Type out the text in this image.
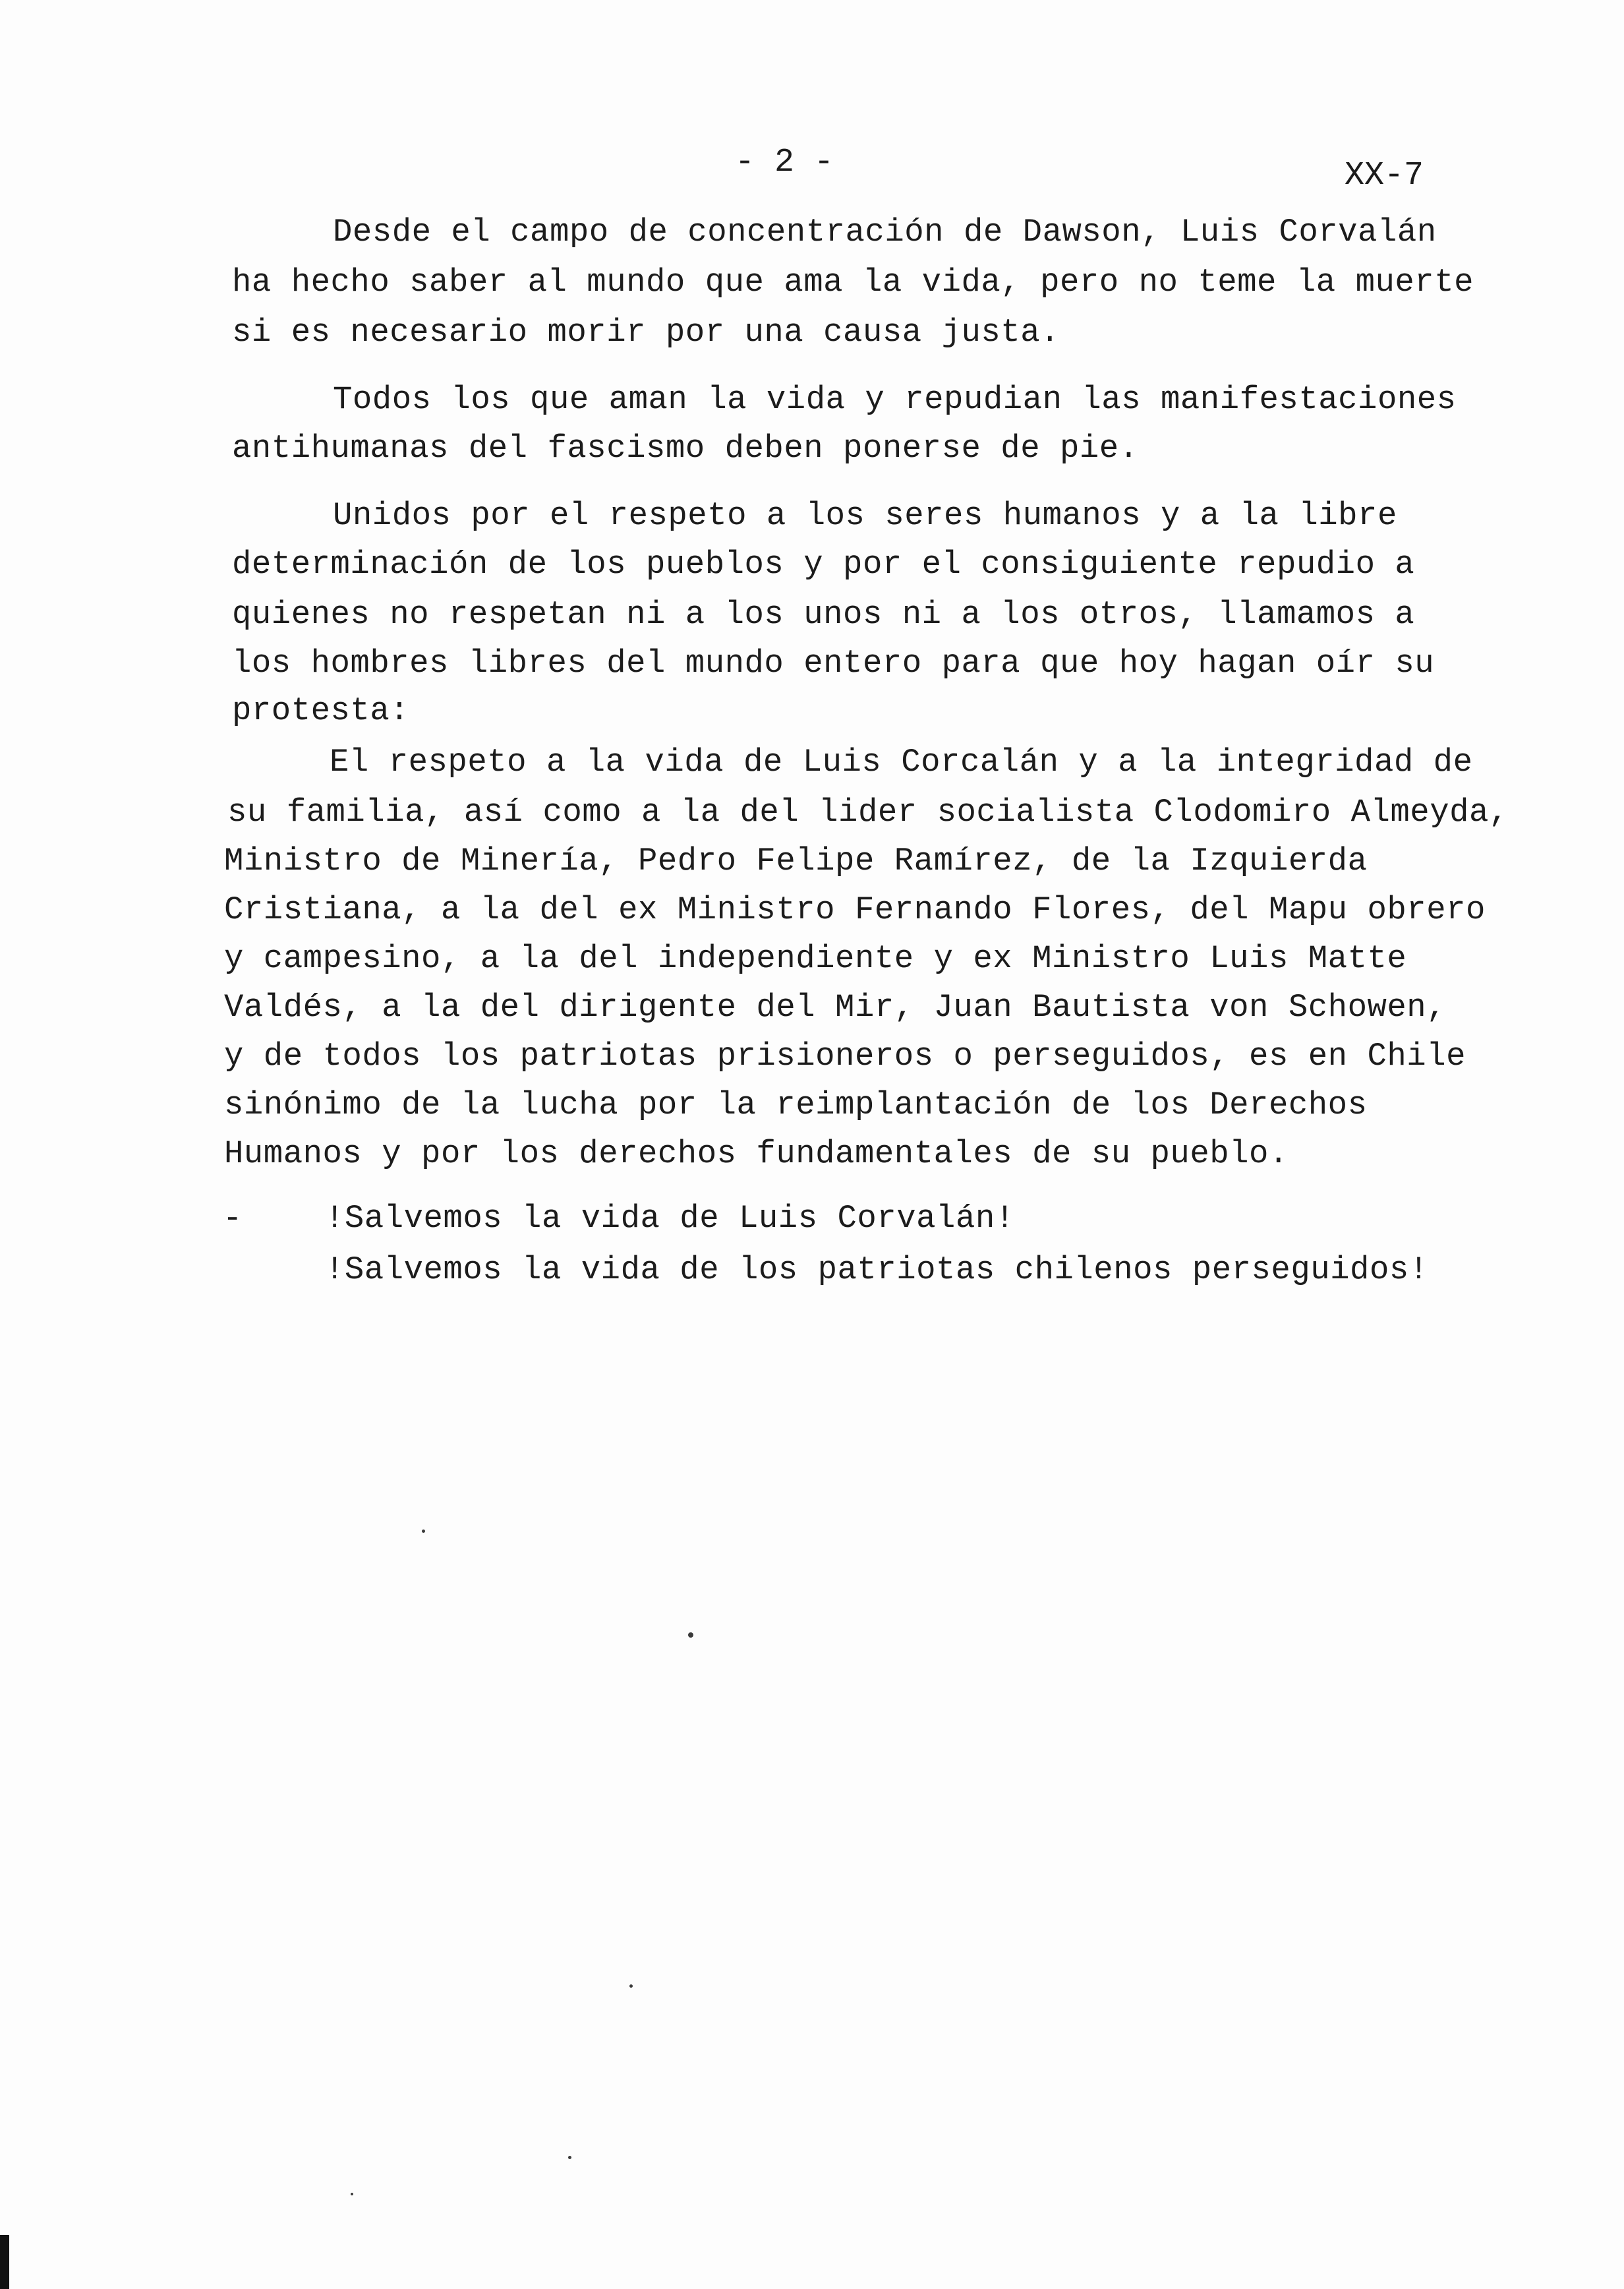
- 2 -	XX-7
Desde el campo de concentración de Dawson, Luis Corvalán
ha hecho saber al mundo que ama la vida, pero no teme la muerte
si es necesario morir por una causa justa.
Todos los que aman la vida y repudian las manifestaciones
antihumanas del fascismo deben ponerse de pie.
Unidos por el respeto a los seres humanos y a la libre
determinación de los pueblos y por el consiguiente repudio a
quienes no respetan ni a los unos ni a los otros, llamamos a
los hombres libres del mundo entero para que hoy hagan oír su
protesta:
El respeto a la vida de Luis Corcalán y a la integridad de
su familia, así como a la del lider socialista Clodomiro Almeyda,
Ministro de Minería, Pedro Felipe Ramírez, de la Izquierda
Cristiana, a la del ex Ministro Fernando Flores, del Mapu obrero
y campesino, a la del independiente y ex Ministro Luis Matte
Valdés, a la del dirigente del Mir, Juan Bautista von Schowen,
y de todos los patriotas prisioneros o perseguidos, es en Chile
sinónimo de la lucha por la reimplantación de los Derechos
Humanos y por los derechos fundamentales de su pueblo.
-	!Salvemos la vida de Luis Corvalán!
!Salvemos la vida de los patriotas chilenos perseguidos!
